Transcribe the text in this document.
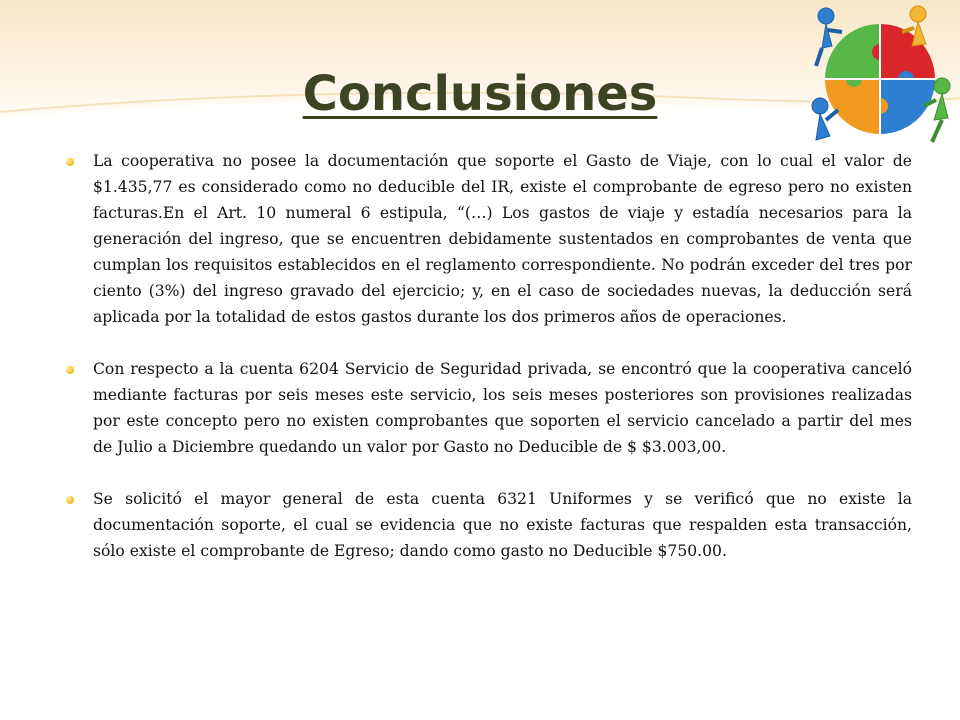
Conclusiones
La cooperativa no posee la documentación que soporte el Gasto de Viaje, con lo cual el valor de $1.435,77 es considerado como no deducible del IR, existe el comprobante de egreso pero no existen facturas.En el Art. 10 numeral 6 estipula, “(…) Los gastos de viaje y estadía necesarios para la generación del ingreso, que se encuentren debidamente sustentados en comprobantes de venta que cumplan los requisitos establecidos en el reglamento correspondiente. No podrán exceder del tres por ciento (3%) del ingreso gravado del ejercicio; y, en el caso de sociedades nuevas, la deducción será aplicada por la totalidad de estos gastos durante los dos primeros años de operaciones.
Con respecto a la cuenta 6204 Servicio de Seguridad privada, se encontró que la cooperativa canceló mediante facturas por seis meses este servicio, los seis meses posteriores son provisiones realizadas por este concepto pero no existen comprobantes que soporten el servicio cancelado a partir del mes de Julio a Diciembre quedando un valor por Gasto no Deducible de $ $3.003,00.
Se solicitó el mayor general de esta cuenta 6321 Uniformes y se verificó que no existe la documentación soporte, el cual se evidencia que no existe facturas que respalden esta transacción, sólo existe el comprobante de Egreso; dando como gasto no Deducible $750.00.
